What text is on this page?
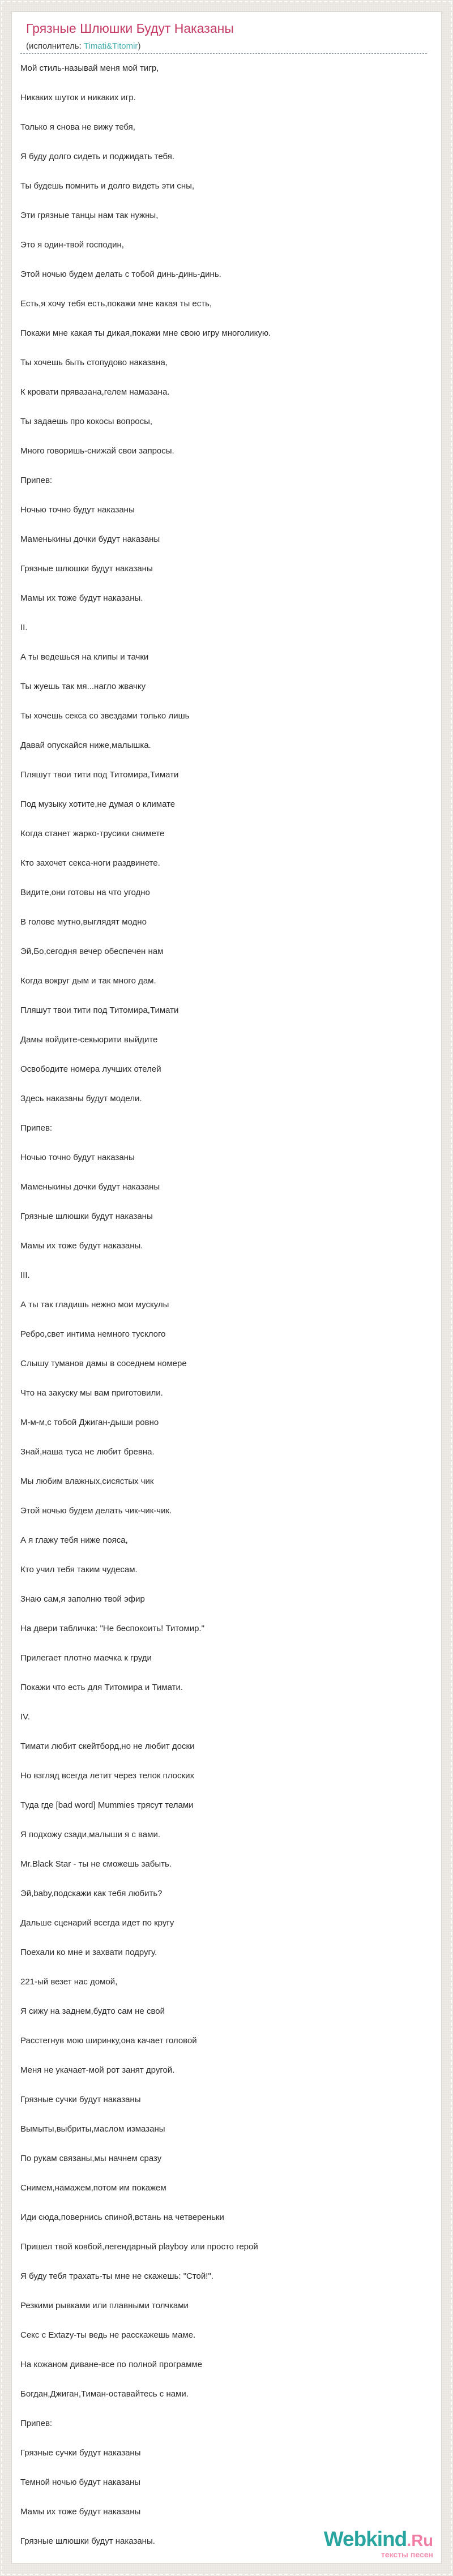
Грязные Шлюшки Будут Наказаны
(исполнитель: Timati&Titomir)

Мой стиль-называй меня мой тигр,

Никаких шуток и никаких игр.

Только я снова не вижу тебя,

Я буду долго сидеть и поджидать тебя.

Ты будешь помнить и долго видеть эти сны,

Эти грязные танцы нам так нужны,

Это я один-твой господин,

Этой ночью будем делать с тобой динь-динь-динь.

Есть,я хочу тебя есть,покажи мне какая ты есть,

Покажи мне какая ты дикая,покажи мне свою игру многоликую.

Ты хочешь быть стопудово наказана,

К кровати прявазана,гелем намазана.

Ты задаешь про кокосы вопросы,

Много говоришь-снижай свои запросы.

Припев:

Ночью точно будут наказаны

Маменькины дочки будут наказаны

Грязные шлюшки будут наказаны

Мамы их тоже будут наказаны.

II.

А ты ведешься на клипы и тачки

Ты жуешь так мя...нагло жвачку

Ты хочешь секса со звездами только лишь

Давай опускайся ниже,малышка.

Пляшут твои тити под Титомира,Тимати

Под музыку хотите,не думая о климате

Когда станет жарко-трусики снимете

Кто захочет секса-ноги раздвинете.

Видите,они готовы на что угодно

В голове мутно,выглядят модно

Эй,Бо,сегодня вечер обеспечен нам

Когда вокруг дым и так много дам.

Пляшут твои тити под Титомира,Тимати

Дамы войдите-секьюрити выйдите

Освободите номера лучших отелей

Здесь наказаны будут модели.

Припев:

Ночью точно будут наказаны

Маменькины дочки будут наказаны

Грязные шлюшки будут наказаны

Мамы их тоже будут наказаны.

III.

А ты так гладишь нежно мои мускулы

Ребро,свет интима немного тусклого

Слышу туманов дамы в соседнем номере

Что на закуску мы вам приготовили.

М-м-м,с тобой Джиган-дыши ровно

Знай,наша туса не любит бревна.

Мы любим влажных,сисястых чик

Этой ночью будем делать чик-чик-чик.

А я глажу тебя ниже пояса,

Кто учил тебя таким чудесам.

Знаю сам,я заполню твой эфир

На двери табличка: "Не беспокоить! Титомир."

Прилегает плотно маечка к груди

Покажи что есть для Титомира и Тимати.

IV.

Тимати любит скейтборд,но не любит доски

Но взгляд всегда летит через телок плоских

Туда где [bad word] Mummies трясут телами

Я подхожу сзади,малыши я с вами.

Mr.Black Star - ты не сможешь забыть.

Эй,baby,подскажи как тебя любить?

Дальше сценарий всегда идет по кругу

Поехали ко мне и захвати подругу.

221-ый везет нас домой,

Я сижу на заднем,будто сам не свой

Расстегнув мою ширинку,она качает головой

Меня не укачает-мой рот занят другой.

Грязные сучки будут наказаны

Вымыты,выбриты,маслом измазаны

По рукам связаны,мы начнем сразу

Снимем,намажем,потом им покажем

Иди сюда,повернись спиной,встань на четвереньки

Пришел твой ковбой,легендарный playboy или просто герой

Я буду тебя трахать-ты мне не скажешь: "Стой!".

Резкими рывками или плавными толчками

Секс с Extazy-ты ведь не расскажешь маме.

На кожаном диване-все по полной программе

Богдан,Джиган,Тиман-оставайтесь с нами.

Припев:

Грязные сучки будут наказаны

Темной ночью будут наказаны

Мамы их тоже будут наказаны

Грязные шлюшки будут наказаны.	Webkind.Ru
тексты песен
